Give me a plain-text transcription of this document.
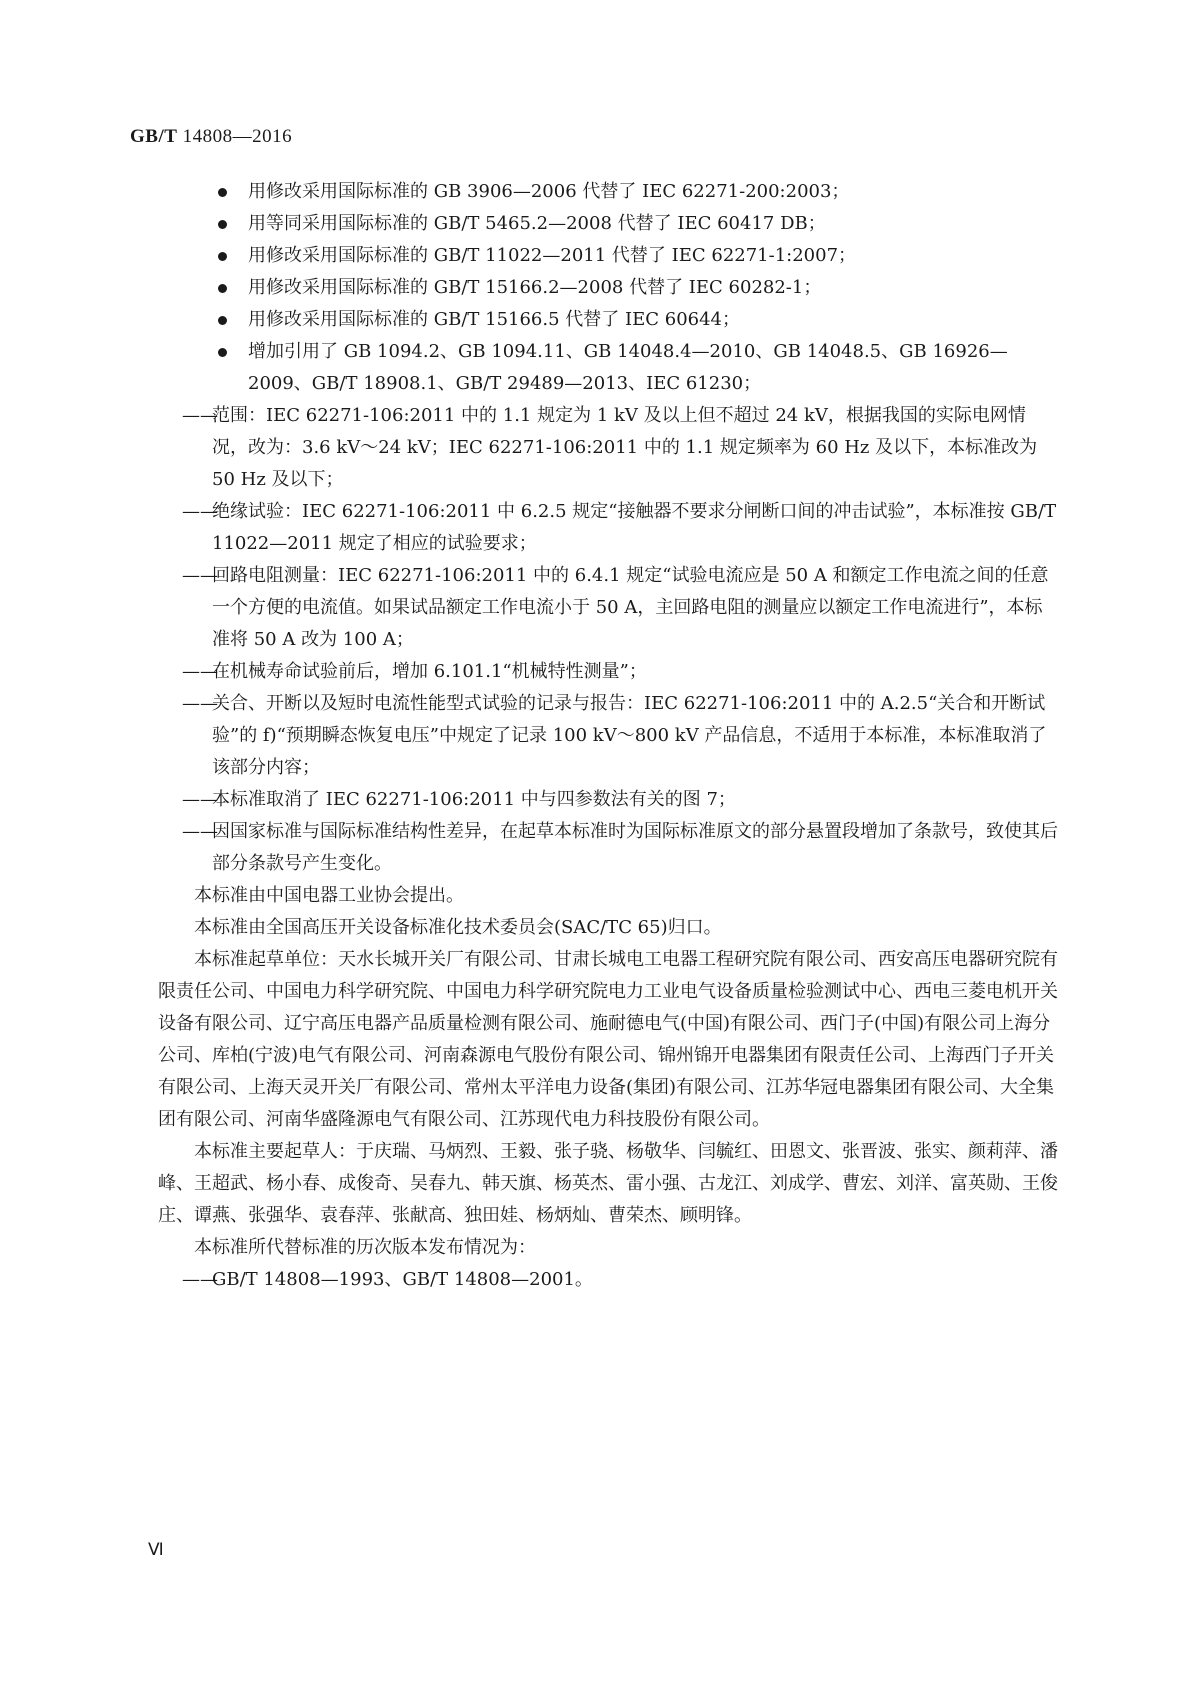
GB/T 14808—2016
用修改采用国际标准的 GB 3906—2006 代替了 IEC 62271-200:2003；
用等同采用国际标准的 GB/T 5465.2—2008 代替了 IEC 60417 DB；
用修改采用国际标准的 GB/T 11022—2011 代替了 IEC 62271-1:2007；
用修改采用国际标准的 GB/T 15166.2—2008 代替了 IEC 60282-1；
用修改采用国际标准的 GB/T 15166.5 代替了 IEC 60644；
增加引用了 GB 1094.2、GB 1094.11、GB 14048.4—2010、GB 14048.5、GB 16926—2009、GB/T 18908.1、GB/T 29489—2013、IEC 61230；
——
范围：IEC 62271-106:2011 中的 1.1 规定为 1 kV 及以上但不超过 24 kV，根据我国的实际电网情况，改为：3.6 kV～24 kV；IEC 62271-106:2011 中的 1.1 规定频率为 60 Hz 及以下，本标准改为 50 Hz 及以下；
——
绝缘试验：IEC 62271-106:2011 中 6.2.5 规定“接触器不要求分闸断口间的冲击试验”，本标准按 GB/T 11022—2011 规定了相应的试验要求；
——
回路电阻测量：IEC 62271-106:2011 中的 6.4.1 规定“试验电流应是 50 A 和额定工作电流之间的任意一个方便的电流值。如果试品额定工作电流小于 50 A，主回路电阻的测量应以额定工作电流进行”，本标准将 50 A 改为 100 A；
——
在机械寿命试验前后，增加 6.101.1“机械特性测量”；
——
关合、开断以及短时电流性能型式试验的记录与报告：IEC 62271-106:2011 中的 A.2.5“关合和开断试验”的 f)“预期瞬态恢复电压”中规定了记录 100 kV～800 kV 产品信息，不适用于本标准，本标准取消了该部分内容；
——
本标准取消了 IEC 62271-106:2011 中与四参数法有关的图 7；
——
因国家标准与国际标准结构性差异，在起草本标准时为国际标准原文的部分悬置段增加了条款号，致使其后部分条款号产生变化。
本标准由中国电器工业协会提出。
本标准由全国高压开关设备标准化技术委员会(SAC/TC 65)归口。
本标准起草单位：天水长城开关厂有限公司、甘肃长城电工电器工程研究院有限公司、西安高压电器研究院有限责任公司、中国电力科学研究院、中国电力科学研究院电力工业电气设备质量检验测试中心、西电三菱电机开关设备有限公司、辽宁高压电器产品质量检测有限公司、施耐德电气(中国)有限公司、西门子(中国)有限公司上海分公司、库柏(宁波)电气有限公司、河南森源电气股份有限公司、锦州锦开电器集团有限责任公司、上海西门子开关有限公司、上海天灵开关厂有限公司、常州太平洋电力设备(集团)有限公司、江苏华冠电器集团有限公司、大全集团有限公司、河南华盛隆源电气有限公司、江苏现代电力科技股份有限公司。
本标准主要起草人：于庆瑞、马炳烈、王毅、张子骁、杨敬华、闫毓红、田恩文、张晋波、张实、颜莉萍、潘峰、王超武、杨小春、成俊奇、吴春九、韩天旗、杨英杰、雷小强、古龙江、刘成学、曹宏、刘洋、富英勋、王俊庄、谭燕、张强华、袁春萍、张献高、独田娃、杨炳灿、曹荣杰、顾明锋。
本标准所代替标准的历次版本发布情况为：
——
GB/T 14808—1993、GB/T 14808—2001。
Ⅵ
